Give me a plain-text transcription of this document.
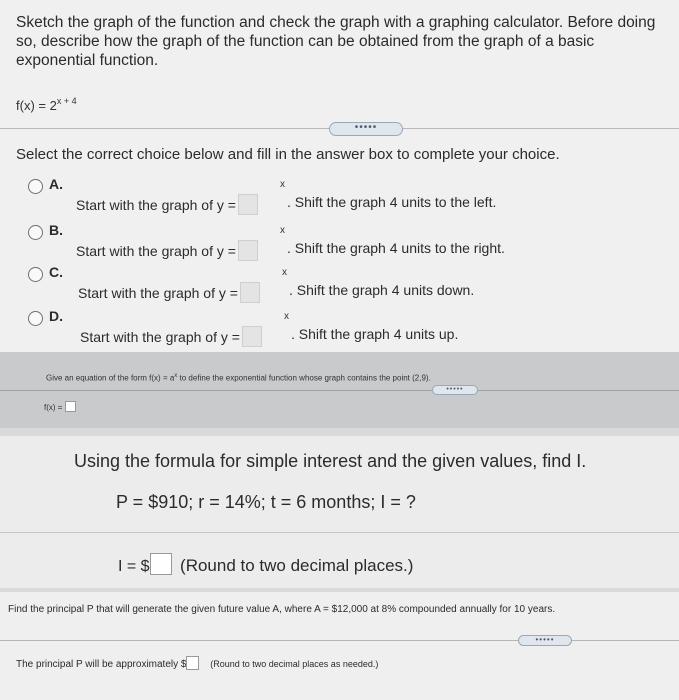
Sketch the graph of the function and check the graph with a graphing calculator. Before doing so, describe how the graph of the function can be obtained from the graph of a basic exponential function.
$f(x) = 2^{x + 4}$
•••••
Select the correct choice below and fill in the answer box to complete your choice.
A.
Start with the graph of y =
x
. Shift the graph 4 units to the left.
B.
Start with the graph of y =
x
. Shift the graph 4 units to the right.
C.
Start with the graph of y =
x
. Shift the graph 4 units down.
D.
Start with the graph of y =
x
. Shift the graph 4 units up.
Give an equation of the form $f(x) = a^x$ to define the exponential function whose graph contains the point (2,9).
•••••
f(x) =
Using the formula for simple interest and the given values, find I.
P = $910; r = 14%; t = 6 months; I = ?
I = $ (Round to two decimal places.)
Find the principal P that will generate the given future value A, where A = $12,000 at 8% compounded annually for 10 years.
•••••
The principal P will be approximately $	(Round to two decimal places as needed.)
